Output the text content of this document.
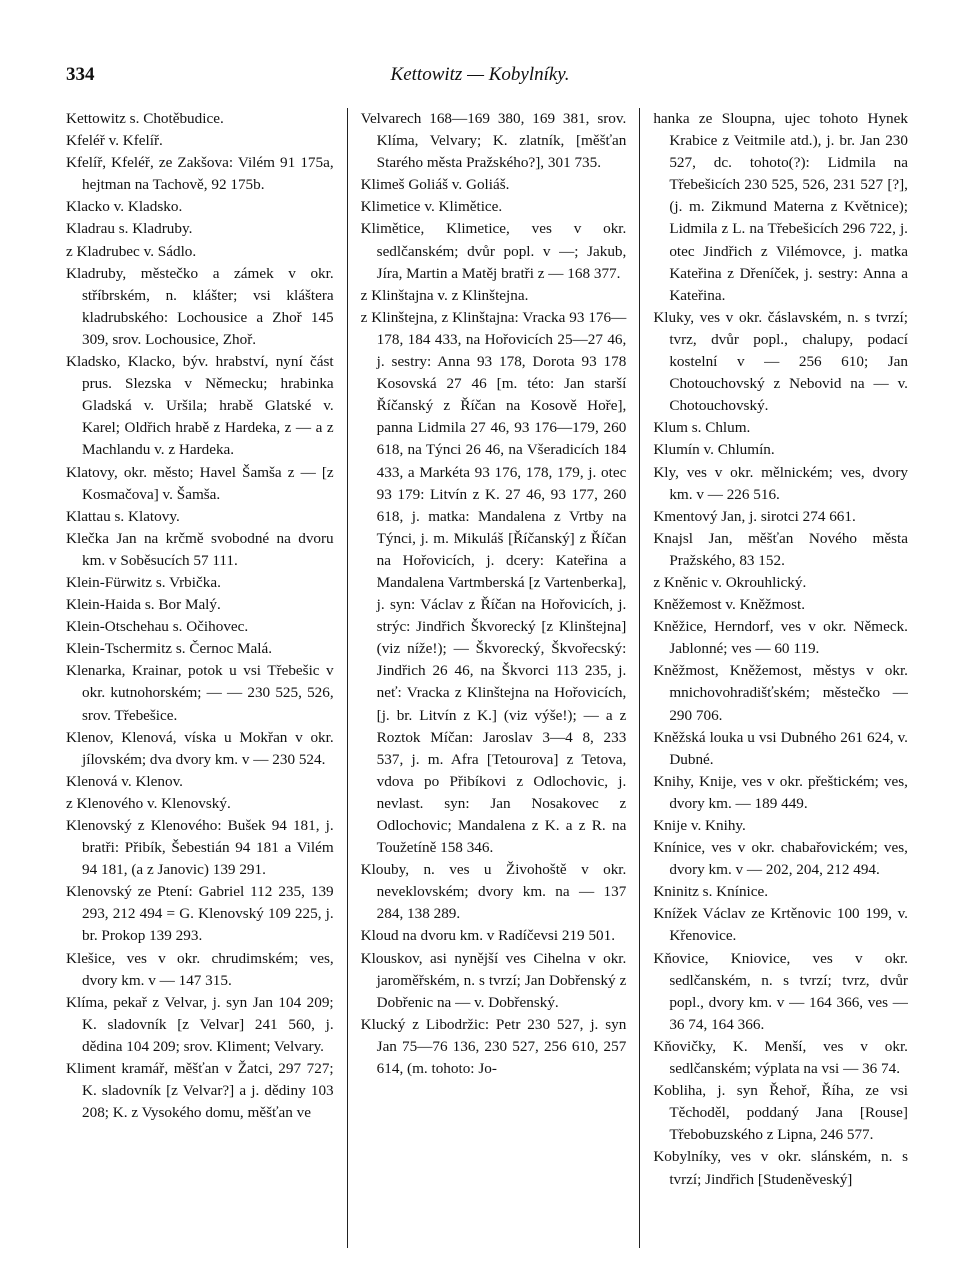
334	Kettowitz — Kobylníky.

Kettowitz s. Chotěbudice.

Kfeléř v. Kfelíř.

Kfelíř, Kfeléř, ze Zakšova: Vilém 91 175a, hejtman na Tachově, 92 175b.

Klacko v. Kladsko.

Kladrau s. Kladruby.

z Kladrubec v. Sádlo.

Kladruby, městečko a zámek v okr. stříbrském, n. klášter; vsi kláštera kladrubského: Lochousice a Zhoř 145 309, srov. Lochousice, Zhoř.

Kladsko, Klacko, býv. hrabství, nyní část prus. Slezska v Německu; hrabinka Gladská v. Uršila; hrabě Glatské v. Karel; Oldřich hrabě z Hardeka, z — a z Machlandu v. z Hardeka.

Klatovy, okr. město; Havel Šamša z — [z Kosmačova] v. Šamša.

Klattau s. Klatovy.

Klečka Jan na krčmě svobodné na dvoru km. v Soběsucích 57 111.

Klein-Fürwitz s. Vrbička.

Klein-Haida s. Bor Malý.

Klein-Otschehau s. Očihovec.

Klein-Tschermitz s. Černoc Malá.

Klenarka, Krainar, potok u vsi Třebešic v okr. kutnohorském; — — 230 525, 526, srov. Třebešice.

Klenov, Klenová, víska u Mokřan v okr. jílovském; dva dvory km. v — 230 524.

Klenová v. Klenov.

z Klenového v. Klenovský.

Klenovský z Klenového: Bušek 94 181, j. bratři: Přibík, Šebestián 94 181 a Vilém 94 181, (a z Janovic) 139 291.

Klenovský ze Ptení: Gabriel 112 235, 139 293, 212 494 = G. Klenovský 109 225, j. br. Prokop 139 293.

Klešice, ves v okr. chrudimském; ves, dvory km. v — 147 315.

Klíma, pekař z Velvar, j. syn Jan 104 209; K. sladovník [z Velvar] 241 560, j. dědina 104 209; srov. Kliment; Velvary.

Kliment kramář, měšťan v Žatci, 297 727; K. sladovník [z Velvar?] a j. dědiny 103 208; K. z Vysokého domu, měšťan ve

Velvarech 168—169 380, 169 381, srov. Klíma, Velvary; K. zlatník, [měšťan Starého města Pražského?], 301 735.

Klimeš Goliáš v. Goliáš.

Klimetice v. Klimětice.

Klimětice, Klimetice, ves v okr. sedlčanském; dvůr popl. v —; Jakub, Jíra, Martin a Matěj bratři z — 168 377.

z Klinštajna v. z Klinštejna.

z Klinštejna, z Klinštajna: Vracka 93 176—178, 184 433, na Hořovicích 25—27 46, j. sestry: Anna 93 178, Dorota 93 178 Kosovská 27 46 [m. této: Jan starší Říčanský z Říčan na Kosově Hoře], panna Lidmila 27 46, 93 176—179, 260 618, na Týnci 26 46, na Všeradicích 184 433, a Markéta 93 176, 178, 179, j. otec 93 179: Litvín z K. 27 46, 93 177, 260 618, j. matka: Mandalena z Vrtby na Týnci, j. m. Mikuláš [Říčanský] z Říčan na Hořovicích, j. dcery: Kateřina a Mandalena Vartmberská [z Vartenberka], j. syn: Václav z Říčan na Hořovicích, j. strýc: Jindřich Škvorecký [z Klinštejna] (viz níže!); — Škvorecký, Škvořecský: Jindřich 26 46, na Škvorci 113 235, j. neť: Vracka z Klinštejna na Hořovicích, [j. br. Litvín z K.] (viz výše!); — a z Roztok Míčan: Jaroslav 3—4 8, 233 537, j. m. Afra [Tetourova] z Tetova, vdova po Přibíkovi z Odlochovic, j. nevlast. syn: Jan Nosakovec z Odlochovic; Mandalena z K. a z R. na Toužetíně 158 346.

Klouby, n. ves u Živohoště v okr. neveklovském; dvory km. na — 137 284, 138 289.

Kloud na dvoru km. v Radíčevsi 219 501.

Klouskov, asi nynější ves Cihelna v okr. jaroměřském, n. s tvrzí; Jan Dobřenský z Dobřenic na — v. Dobřenský.

Klucký z Libodržic: Petr 230 527, j. syn Jan 75—76 136, 230 527, 256 610, 257 614, (m. tohoto: Jo-

hanka ze Sloupna, ujec tohoto Hynek Krabice z Veitmile atd.), j. br. Jan 230 527, dc. tohoto(?): Lidmila na Třebešicích 230 525, 526, 231 527 [?], (j. m. Zikmund Materna z Květnice); Lidmila z L. na Třebešicích 296 722, j. otec Jindřich z Vilémovce, j. matka Kateřina z Dřeníček, j. sestry: Anna a Kateřina.

Kluky, ves v okr. čáslavském, n. s tvrzí; tvrz, dvůr popl., chalupy, podací kostelní v — 256 610; Jan Chotouchovský z Nebovid na — v. Chotouchovský.

Klum s. Chlum.

Klumín v. Chlumín.

Kly, ves v okr. mělnickém; ves, dvory km. v — 226 516.

Kmentový Jan, j. sirotci 274 661.

Knajsl Jan, měšťan Nového města Pražského, 83 152.

z Kněnic v. Okrouhlický.

Kněžemost v. Kněžmost.

Kněžice, Herndorf, ves v okr. Německ. Jablonné; ves — 60 119.

Kněžmost, Kněžemost, městys v okr. mnichovohradišťském; městečko — 290 706.

Kněžská louka u vsi Dubného 261 624, v. Dubné.

Knihy, Knije, ves v okr. přeštickém; ves, dvory km. — 189 449.

Knije v. Knihy.

Knínice, ves v okr. chabařovickém; ves, dvory km. v — 202, 204, 212 494.

Kninitz s. Knínice.

Knížek Václav ze Krtěnovic 100 199, v. Křenovice.

Kňovice, Kniovice, ves v okr. sedlčanském, n. s tvrzí; tvrz, dvůr popl., dvory km. v — 164 366, ves — 36 74, 164 366.

Kňovičky, K. Menší, ves v okr. sedlčanském; výplata na vsi — 36 74.

Kobliha, j. syn Řehoř, Říha, ze vsi Těchoděl, poddaný Jana [Rouse] Třebobuzského z Lipna, 246 577.

Kobylníky, ves v okr. slánském, n. s tvrzí; Jindřich [Studeněveský]
